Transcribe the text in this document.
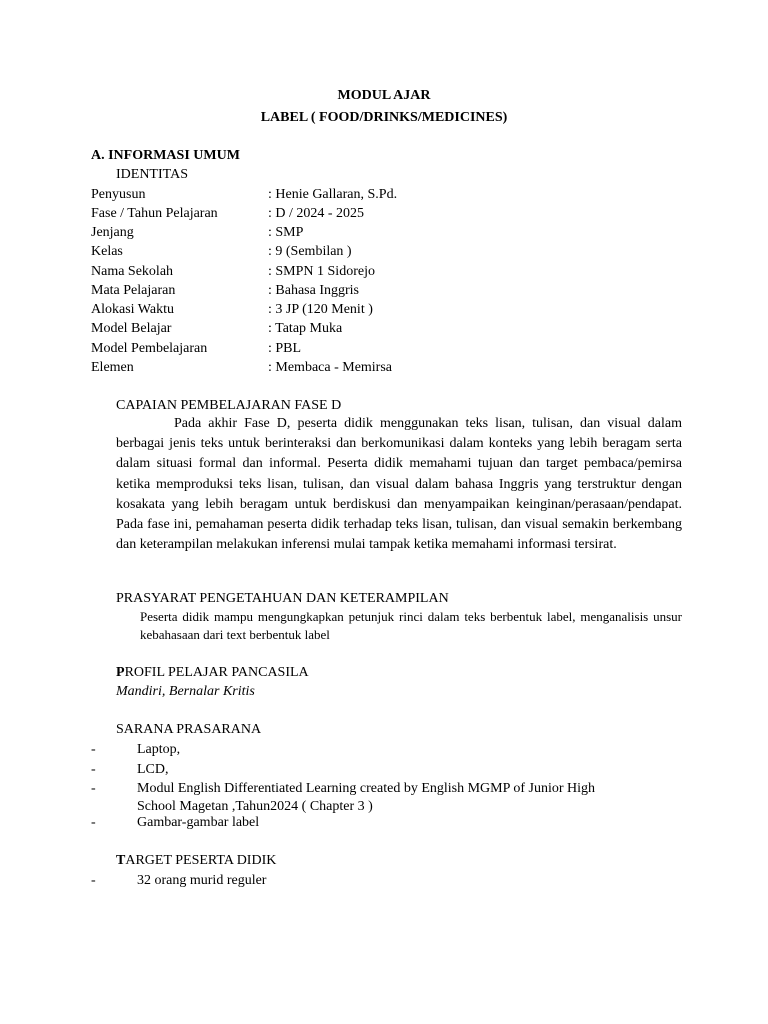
MODUL AJAR
LABEL ( FOOD/DRINKS/MEDICINES)
A. INFORMASI UMUM
IDENTITAS
Penyusun	: Henie Gallaran, S.Pd.
Fase / Tahun Pelajaran	: D / 2024 - 2025
Jenjang	: SMP
Kelas	: 9 (Sembilan )
Nama Sekolah	: SMPN 1 Sidorejo
Mata Pelajaran	: Bahasa Inggris
Alokasi Waktu	: 3 JP (120 Menit )
Model Belajar	: Tatap Muka
Model Pembelajaran	: PBL
Elemen	: Membaca - Memirsa
CAPAIAN PEMBELAJARAN FASE D
Pada akhir Fase D, peserta didik menggunakan teks lisan, tulisan, dan visual dalam berbagai jenis teks untuk berinteraksi dan berkomunikasi dalam konteks yang lebih beragam serta dalam situasi formal dan informal. Peserta didik memahami tujuan dan target pembaca/pemirsa ketika memproduksi teks lisan, tulisan, dan visual dalam bahasa Inggris yang terstruktur dengan kosakata yang lebih beragam untuk berdiskusi dan menyampaikan keinginan/perasaan/pendapat. Pada fase ini, pemahaman peserta didik terhadap teks lisan, tulisan, dan visual semakin berkembang dan keterampilan melakukan inferensi mulai tampak ketika memahami informasi tersirat.
PRASYARAT PENGETAHUAN DAN KETERAMPILAN
Peserta didik mampu mengungkapkan petunjuk rinci dalam teks berbentuk label, menganalisis unsur kebahasaan dari text berbentuk label
PROFIL PELAJAR PANCASILA
Mandiri, Bernalar Kritis
SARANA PRASARANA
-	Laptop,
-	LCD,
-	Modul English Differentiated Learning created by English MGMP of Junior High
School Magetan ,Tahun2024 ( Chapter 3 )
-	Gambar-gambar label
TARGET PESERTA DIDIK
-	32 orang murid reguler
